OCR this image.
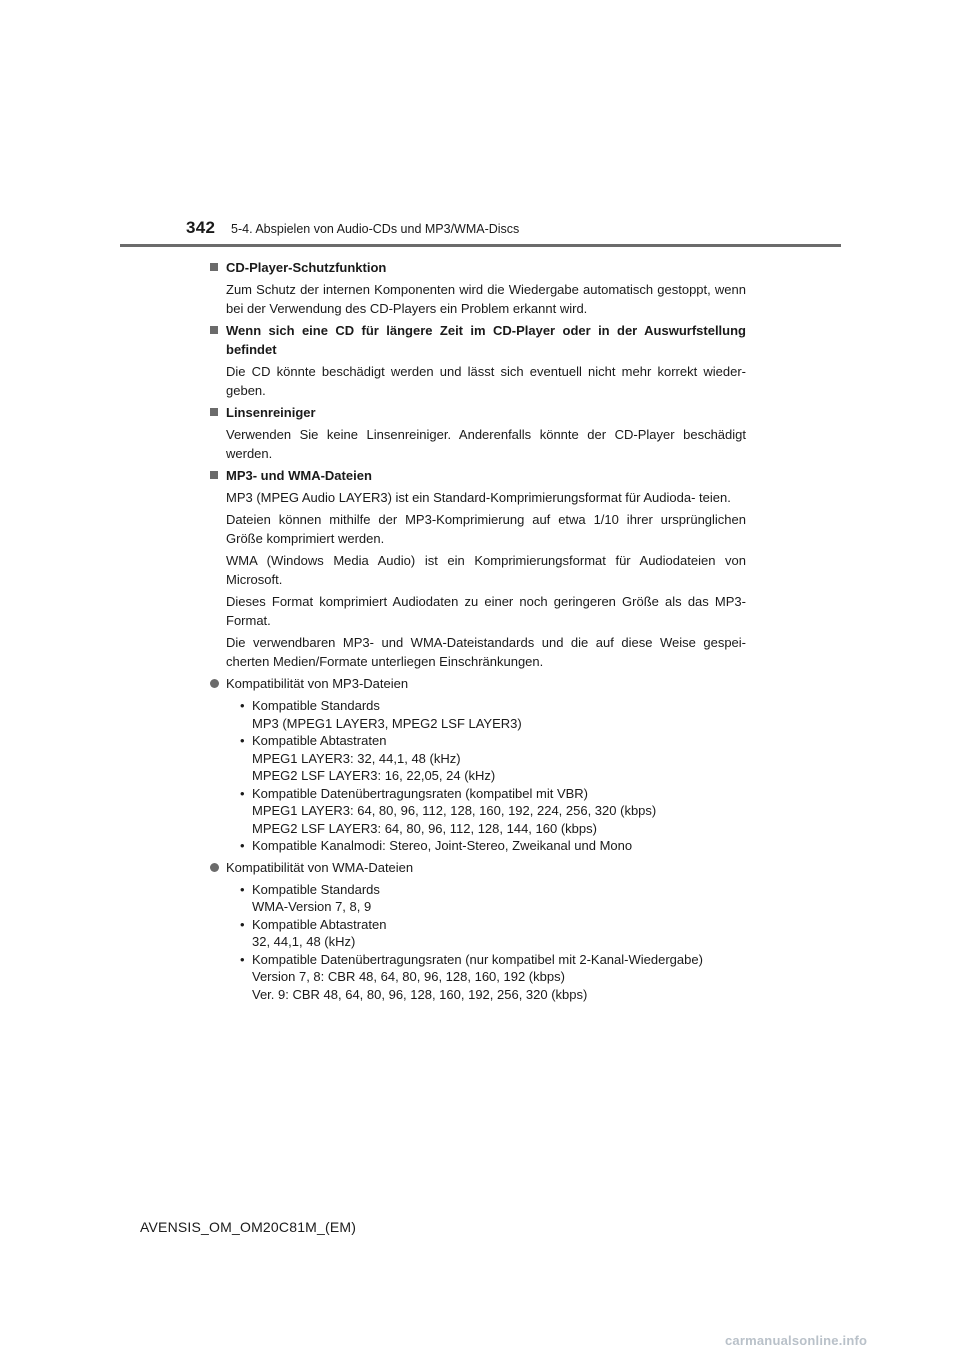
342 5-4. Abspielen von Audio-CDs und MP3/WMA-Discs
CD-Player-Schutzfunktion
Zum Schutz der internen Komponenten wird die Wiedergabe automatisch gestoppt, wenn bei der Verwendung des CD-Players ein Problem erkannt wird.
Wenn sich eine CD für längere Zeit im CD-Player oder in der Auswurfstellung befindet
Die CD könnte beschädigt werden und lässt sich eventuell nicht mehr korrekt wieder- geben.
Linsenreiniger
Verwenden Sie keine Linsenreiniger. Anderenfalls könnte der CD-Player beschädigt werden.
MP3- und WMA-Dateien
MP3 (MPEG Audio LAYER3) ist ein Standard-Komprimierungsformat für Audioda- teien.
Dateien können mithilfe der MP3-Komprimierung auf etwa 1/10 ihrer ursprünglichen Größe komprimiert werden.
WMA (Windows Media Audio) ist ein Komprimierungsformat für Audiodateien von Microsoft.
Dieses Format komprimiert Audiodaten zu einer noch geringeren Größe als das MP3- Format.
Die verwendbaren MP3- und WMA-Dateistandards und die auf diese Weise gespei- cherten Medien/Formate unterliegen Einschränkungen.
Kompatibilität von MP3-Dateien
• Kompatible Standards
MP3 (MPEG1 LAYER3, MPEG2 LSF LAYER3)
• Kompatible Abtastraten
MPEG1 LAYER3: 32, 44,1, 48 (kHz)
MPEG2 LSF LAYER3: 16, 22,05, 24 (kHz)
• Kompatible Datenübertragungsraten (kompatibel mit VBR)
MPEG1 LAYER3: 64, 80, 96, 112, 128, 160, 192, 224, 256, 320 (kbps)
MPEG2 LSF LAYER3: 64, 80, 96, 112, 128, 144, 160 (kbps)
• Kompatible Kanalmodi: Stereo, Joint-Stereo, Zweikanal und Mono
Kompatibilität von WMA-Dateien
• Kompatible Standards
WMA-Version 7, 8, 9
• Kompatible Abtastraten
32, 44,1, 48 (kHz)
• Kompatible Datenübertragungsraten (nur kompatibel mit 2-Kanal-Wiedergabe)
Version 7, 8: CBR 48, 64, 80, 96, 128, 160, 192 (kbps)
Ver. 9: CBR 48, 64, 80, 96, 128, 160, 192, 256, 320 (kbps)
AVENSIS_OM_OM20C81M_(EM)
carmanualsonline.info
